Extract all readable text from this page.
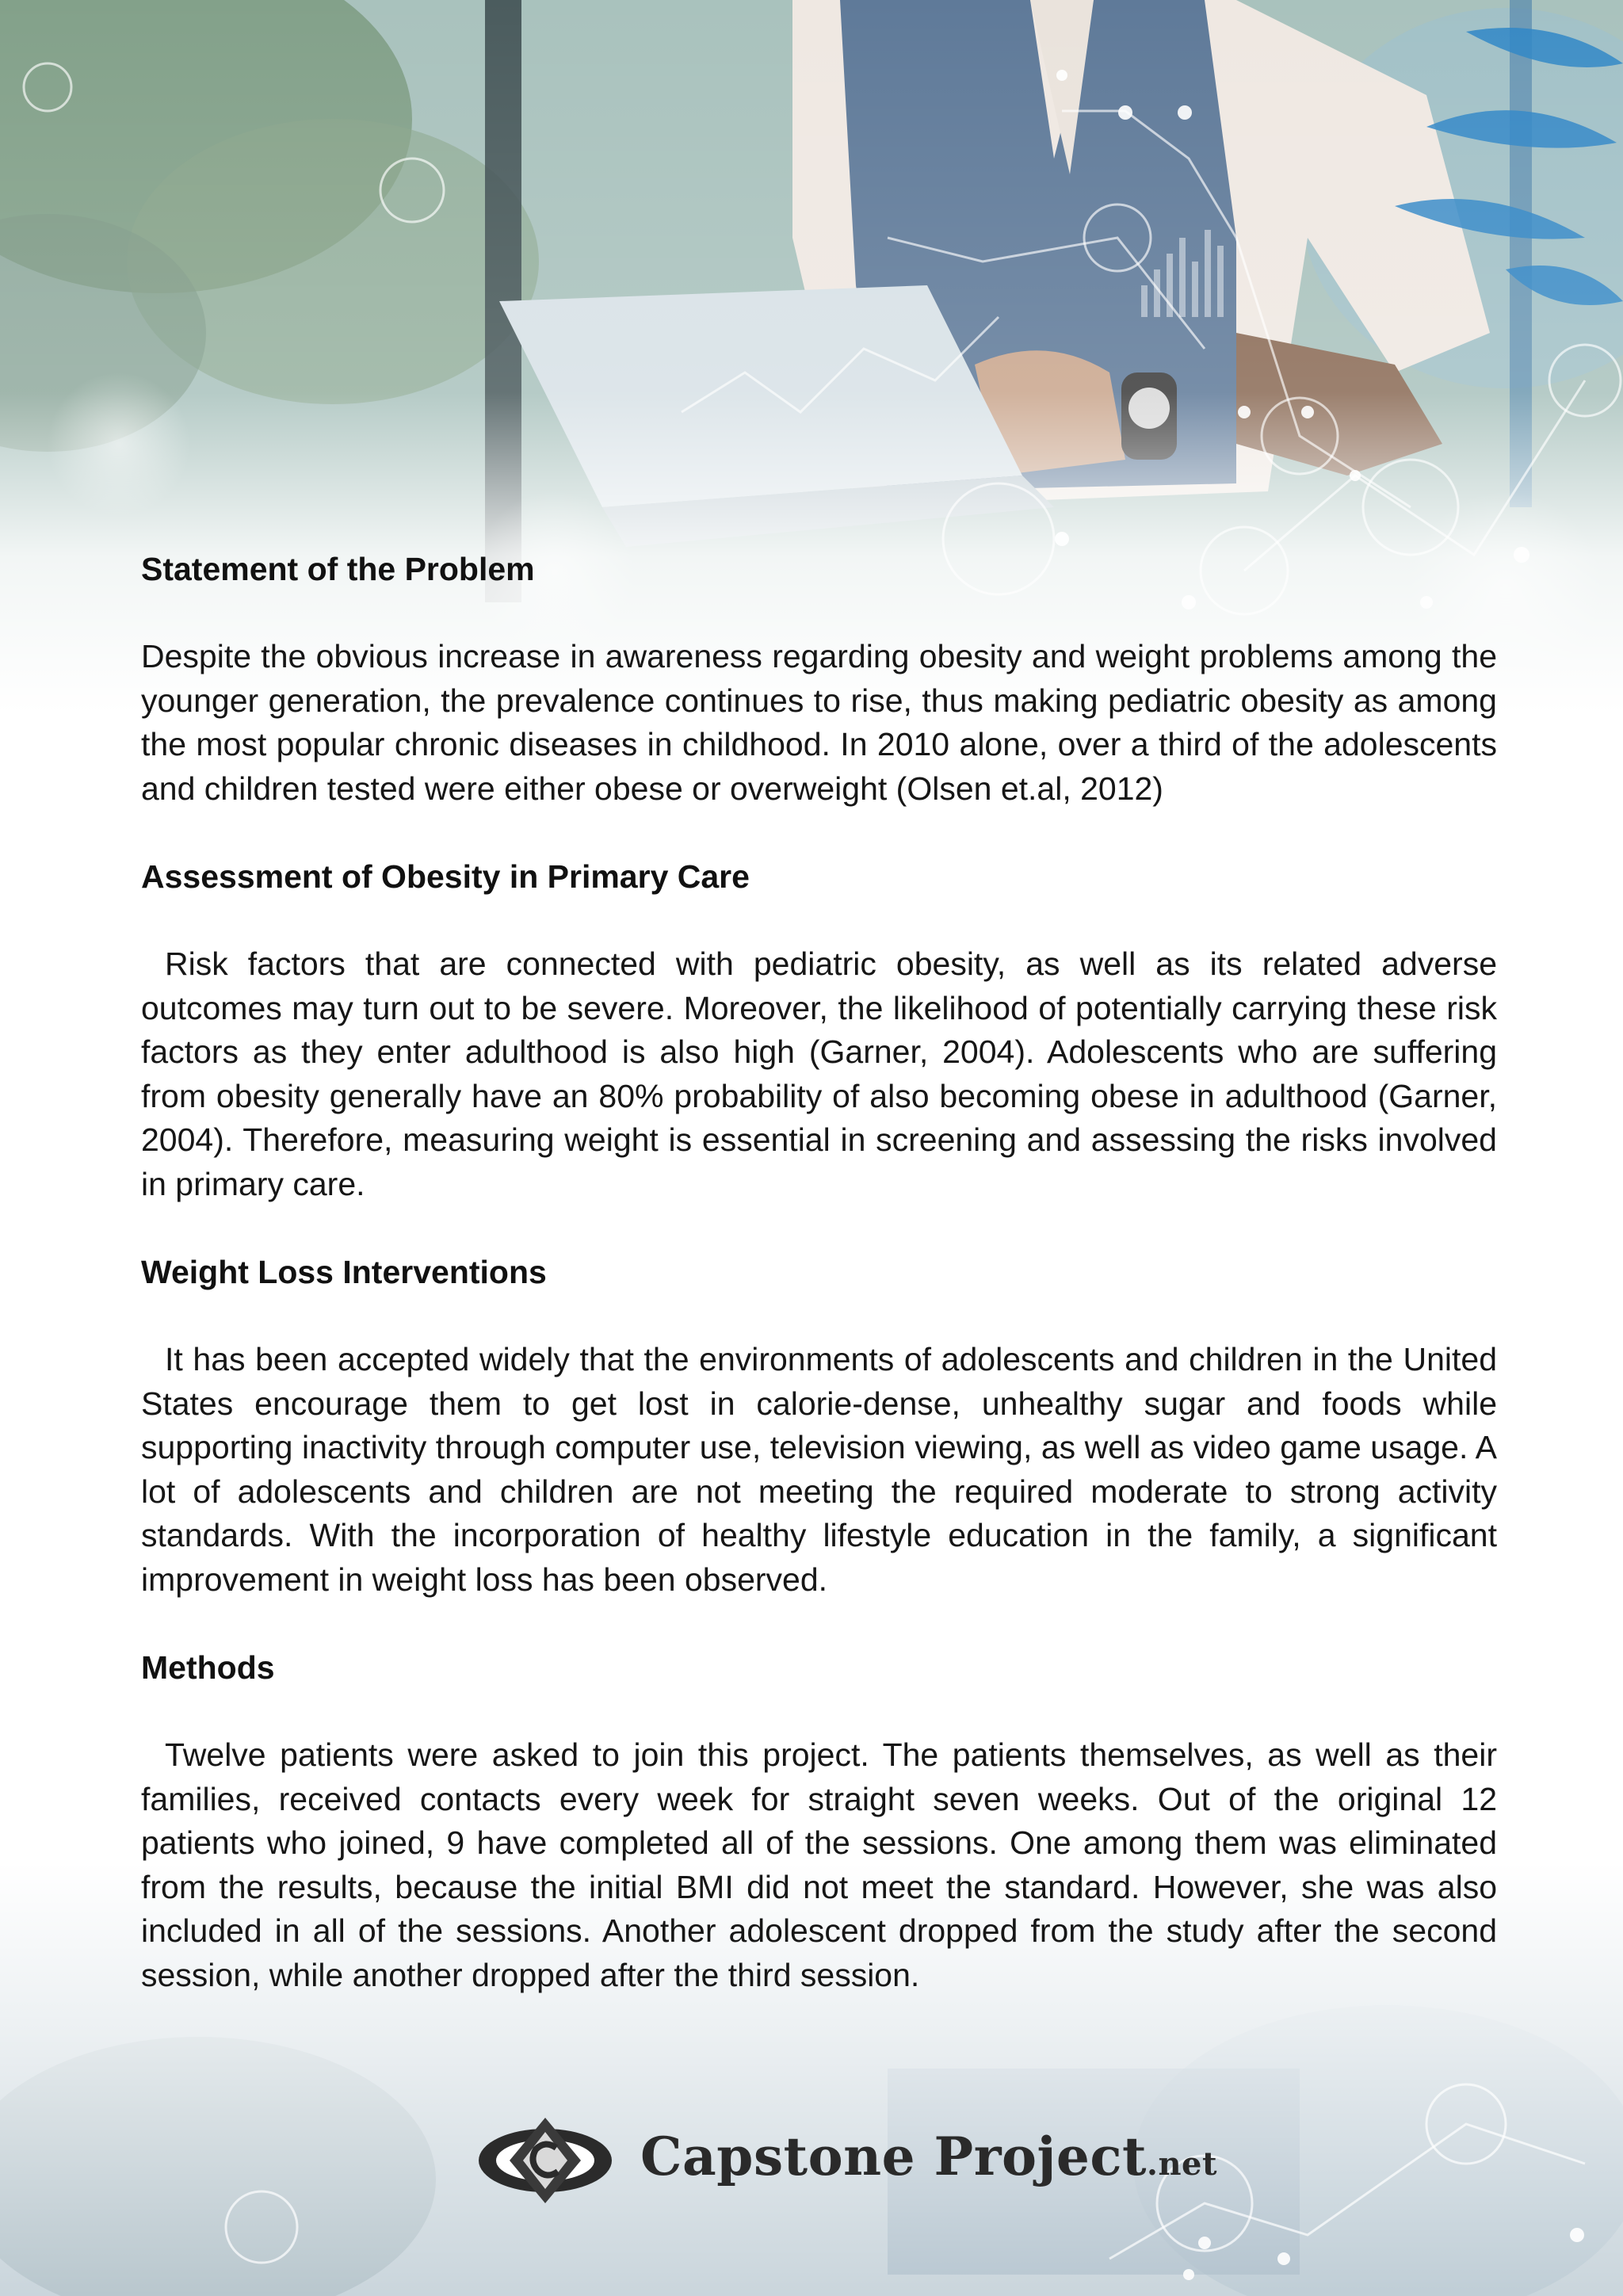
Statement of the Problem

Despite the obvious increase in awareness regarding obesity and weight problems among the younger generation, the prevalence continues to rise, thus making pediatric obesity as among the most popular chronic diseases in childhood. In 2010 alone, over a third of the adolescents and children tested were either obese or overweight (Olsen et.al, 2012)

Assessment of Obesity in Primary Care

Risk factors that are connected with pediatric obesity, as well as its related adverse outcomes may turn out to be severe. Moreover, the likelihood of potentially carrying these risk factors as they enter adulthood is also high (Garner, 2004). Adolescents who are suffering from obesity generally have an 80% probability of also becoming obese in adulthood (Garner, 2004). Therefore, measuring weight is essential in screening and assessing the risks involved in primary care.

Weight Loss Interventions

It has been accepted widely that the environments of adolescents and children in the United States encourage them to get lost in calorie-dense, unhealthy sugar and foods while supporting inactivity through computer use, television viewing, as well as video game usage. A lot of adolescents and children are not meeting the required moderate to strong activity standards. With the incorporation of healthy lifestyle education in the family, a significant improvement in weight loss has been observed.

Methods

Twelve patients were asked to join this project. The patients themselves, as well as their families, received contacts every week for straight seven weeks. Out of the original 12 patients who joined, 9 have completed all of the sessions. One among them was eliminated from the results, because the initial BMI did not meet the standard. However, she was also included in all of the sessions. Another adolescent dropped from the study after the second session, while another dropped after the third session.

Capstone Project.net
